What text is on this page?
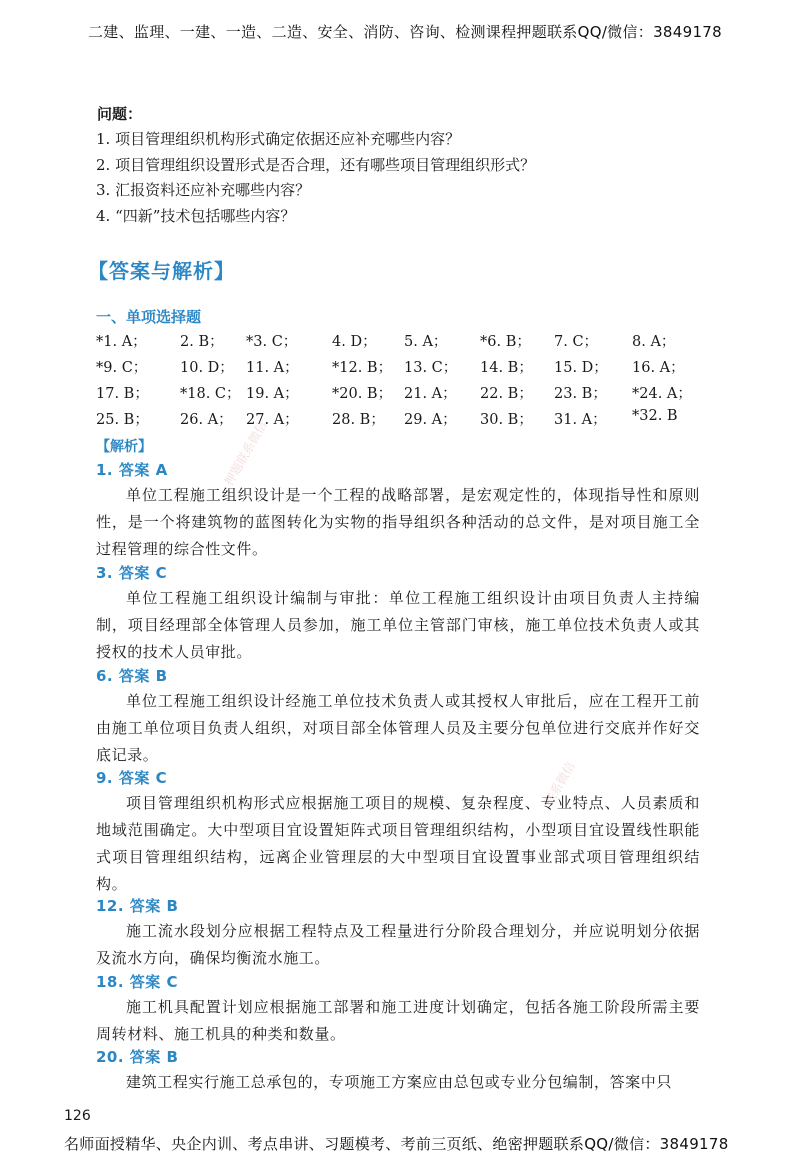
二建、监理、一建、一造、二造、安全、消防、咨询、检测课程押题联系QQ/微信：3849178
问题：
1. 项目管理组织机构形式确定依据还应补充哪些内容？
2. 项目管理组织设置形式是否合理，还有哪些项目管理组织形式？
3. 汇报资料还应补充哪些内容？
4. “四新”技术包括哪些内容？
【答案与解析】
一、单项选择题
*1. A； 2. B； *3. C； 4. D； 5. A； *6. B； 7. C； 8. A；
*9. C； 10. D； 11. A； *12. B； 13. C； 14. B； 15. D； 16. A；
17. B； *18. C； 19. A； *20. B； 21. A； 22. B； 23. B； *24. A；
25. B； 26. A； 27. A； 28. B； 29. A； 30. B； 31. A； *32. B
【解析】
1. 答案 A
单位工程施工组织设计是一个工程的战略部署，是宏观定性的，体现指导性和原则性，是一个将建筑物的蓝图转化为实物的指导组织各种活动的总文件，是对项目施工全过程管理的综合性文件。
3. 答案 C
单位工程施工组织设计编制与审批：单位工程施工组织设计由项目负责人主持编制，项目经理部全体管理人员参加，施工单位主管部门审核，施工单位技术负责人或其授权的技术人员审批。
6. 答案 B
单位工程施工组织设计经施工单位技术负责人或其授权人审批后，应在工程开工前由施工单位项目负责人组织，对项目部全体管理人员及主要分包单位进行交底并作好交底记录。
9. 答案 C
项目管理组织机构形式应根据施工项目的规模、复杂程度、专业特点、人员素质和地域范围确定。大中型项目宜设置矩阵式项目管理组织结构，小型项目宜设置线性职能式项目管理组织结构，远离企业管理层的大中型项目宜设置事业部式项目管理组织结构。
12. 答案 B
施工流水段划分应根据工程特点及工程量进行分阶段合理划分，并应说明划分依据及流水方向，确保均衡流水施工。
18. 答案 C
施工机具配置计划应根据施工部署和施工进度计划确定，包括各施工阶段所需主要周转材料、施工机具的种类和数量。
20. 答案 B
建筑工程实行施工总承包的，专项施工方案应由总包或专业分包编制，答案中只
126
名师面授精华、央企内训、考点串讲、习题模考、考前三页纸、绝密押题联系QQ/微信：3849178
押题联系微信
联系微信
